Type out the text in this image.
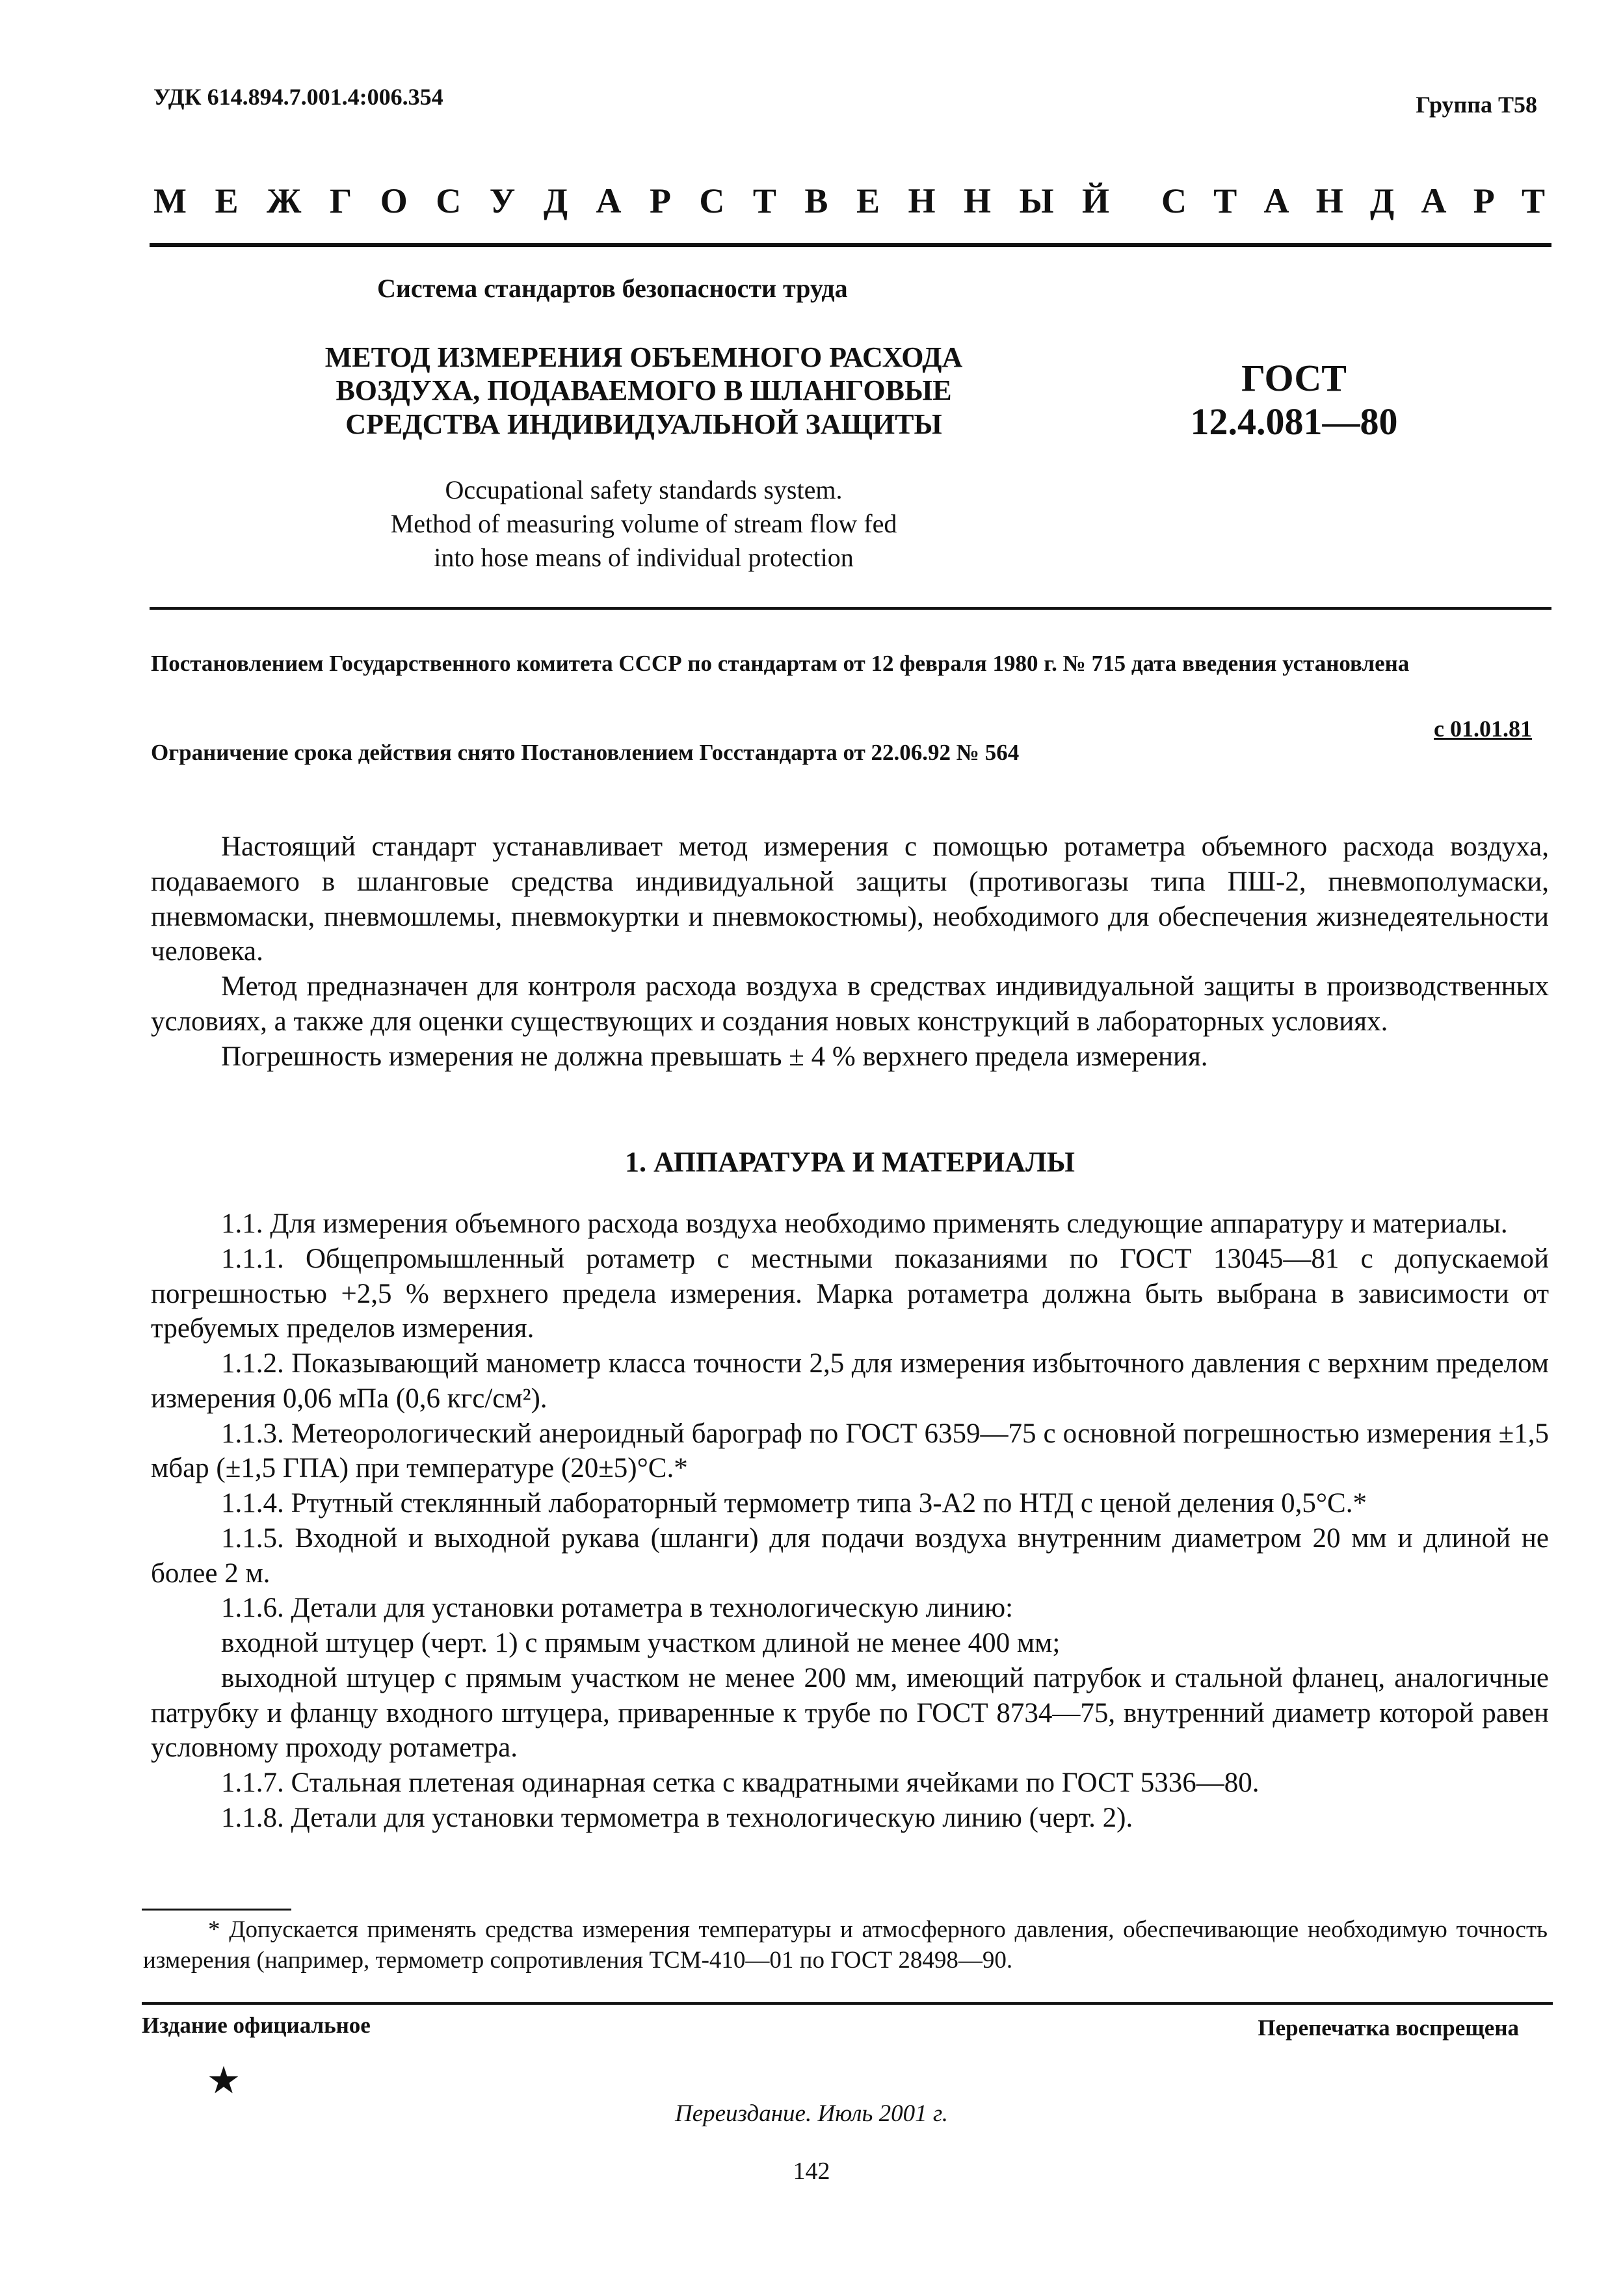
УДК 614.894.7.001.4:006.354	Группа Т58
М Е Ж Г О С У Д А Р С Т В Е Н Н Ы Й С Т А Н Д А Р Т
Система стандартов безопасности труда
МЕТОД ИЗМЕРЕНИЯ ОБЪЕМНОГО РАСХОДА
ВОЗДУХА, ПОДАВАЕМОГО В ШЛАНГОВЫЕ
СРЕДСТВА ИНДИВИДУАЛЬНОЙ ЗАЩИТЫ
ГОСТ
12.4.081—80
Occupational safety standards system.
Method of measuring volume of stream flow fed
into hose means of individual protection
Постановлением Государственного комитета СССР по стандартам от 12 февраля 1980 г. № 715 дата введения установлена
с 01.01.81
Ограничение срока действия снято Постановлением Госстандарта от 22.06.92 № 564

Настоящий стандарт устанавливает метод измерения с помощью ротаметра объемного расхода воздуха, подаваемого в шланговые средства индивидуальной защиты (противогазы типа ПШ-2, пневмополумаски, пневмомаски, пневмошлемы, пневмокуртки и пневмокостюмы), необходимого для обеспечения жизнедеятельности человека.

Метод предназначен для контроля расхода воздуха в средствах индивидуальной защиты в производственных условиях, а также для оценки существующих и создания новых конструкций в лабораторных условиях.

Погрешность измерения не должна превышать ± 4 % верхнего предела измерения.

1. АППАРАТУРА И МАТЕРИАЛЫ

1.1. Для измерения объемного расхода воздуха необходимо применять следующие аппаратуру и материалы.

1.1.1. Общепромышленный ротаметр с местными показаниями по ГОСТ 13045—81 с допускаемой погрешностью +2,5 % верхнего предела измерения. Марка ротаметра должна быть выбрана в зависимости от требуемых пределов измерения.

1.1.2. Показывающий манометр класса точности 2,5 для измерения избыточного давления с верхним пределом измерения 0,06 мПа (0,6 кгс/см²).

1.1.3. Метеорологический анероидный барограф по ГОСТ 6359—75 с основной погрешностью измерения ±1,5 мбар (±1,5 ГПА) при температуре (20±5)°С.*

1.1.4. Ртутный стеклянный лабораторный термометр типа 3-А2 по НТД с ценой деления 0,5°С.*

1.1.5. Входной и выходной рукава (шланги) для подачи воздуха внутренним диаметром 20 мм и длиной не более 2 м.

1.1.6. Детали для установки ротаметра в технологическую линию:

входной штуцер (черт. 1) с прямым участком длиной не менее 400 мм;

выходной штуцер с прямым участком не менее 200 мм, имеющий патрубок и стальной фланец, аналогичные патрубку и фланцу входного штуцера, приваренные к трубе по ГОСТ 8734—75, внутренний диаметр которой равен условному проходу ротаметра.

1.1.7. Стальная плетеная одинарная сетка с квадратными ячейками по ГОСТ 5336—80.

1.1.8. Детали для установки термометра в технологическую линию (черт. 2).

* Допускается применять средства измерения температуры и атмосферного давления, обеспечивающие необходимую точность измерения (например, термометр сопротивления ТСМ-410—01 по ГОСТ 28498—90.

Издание официальное	Перепечатка воспрещена
★
Переиздание. Июль 2001 г.
142
